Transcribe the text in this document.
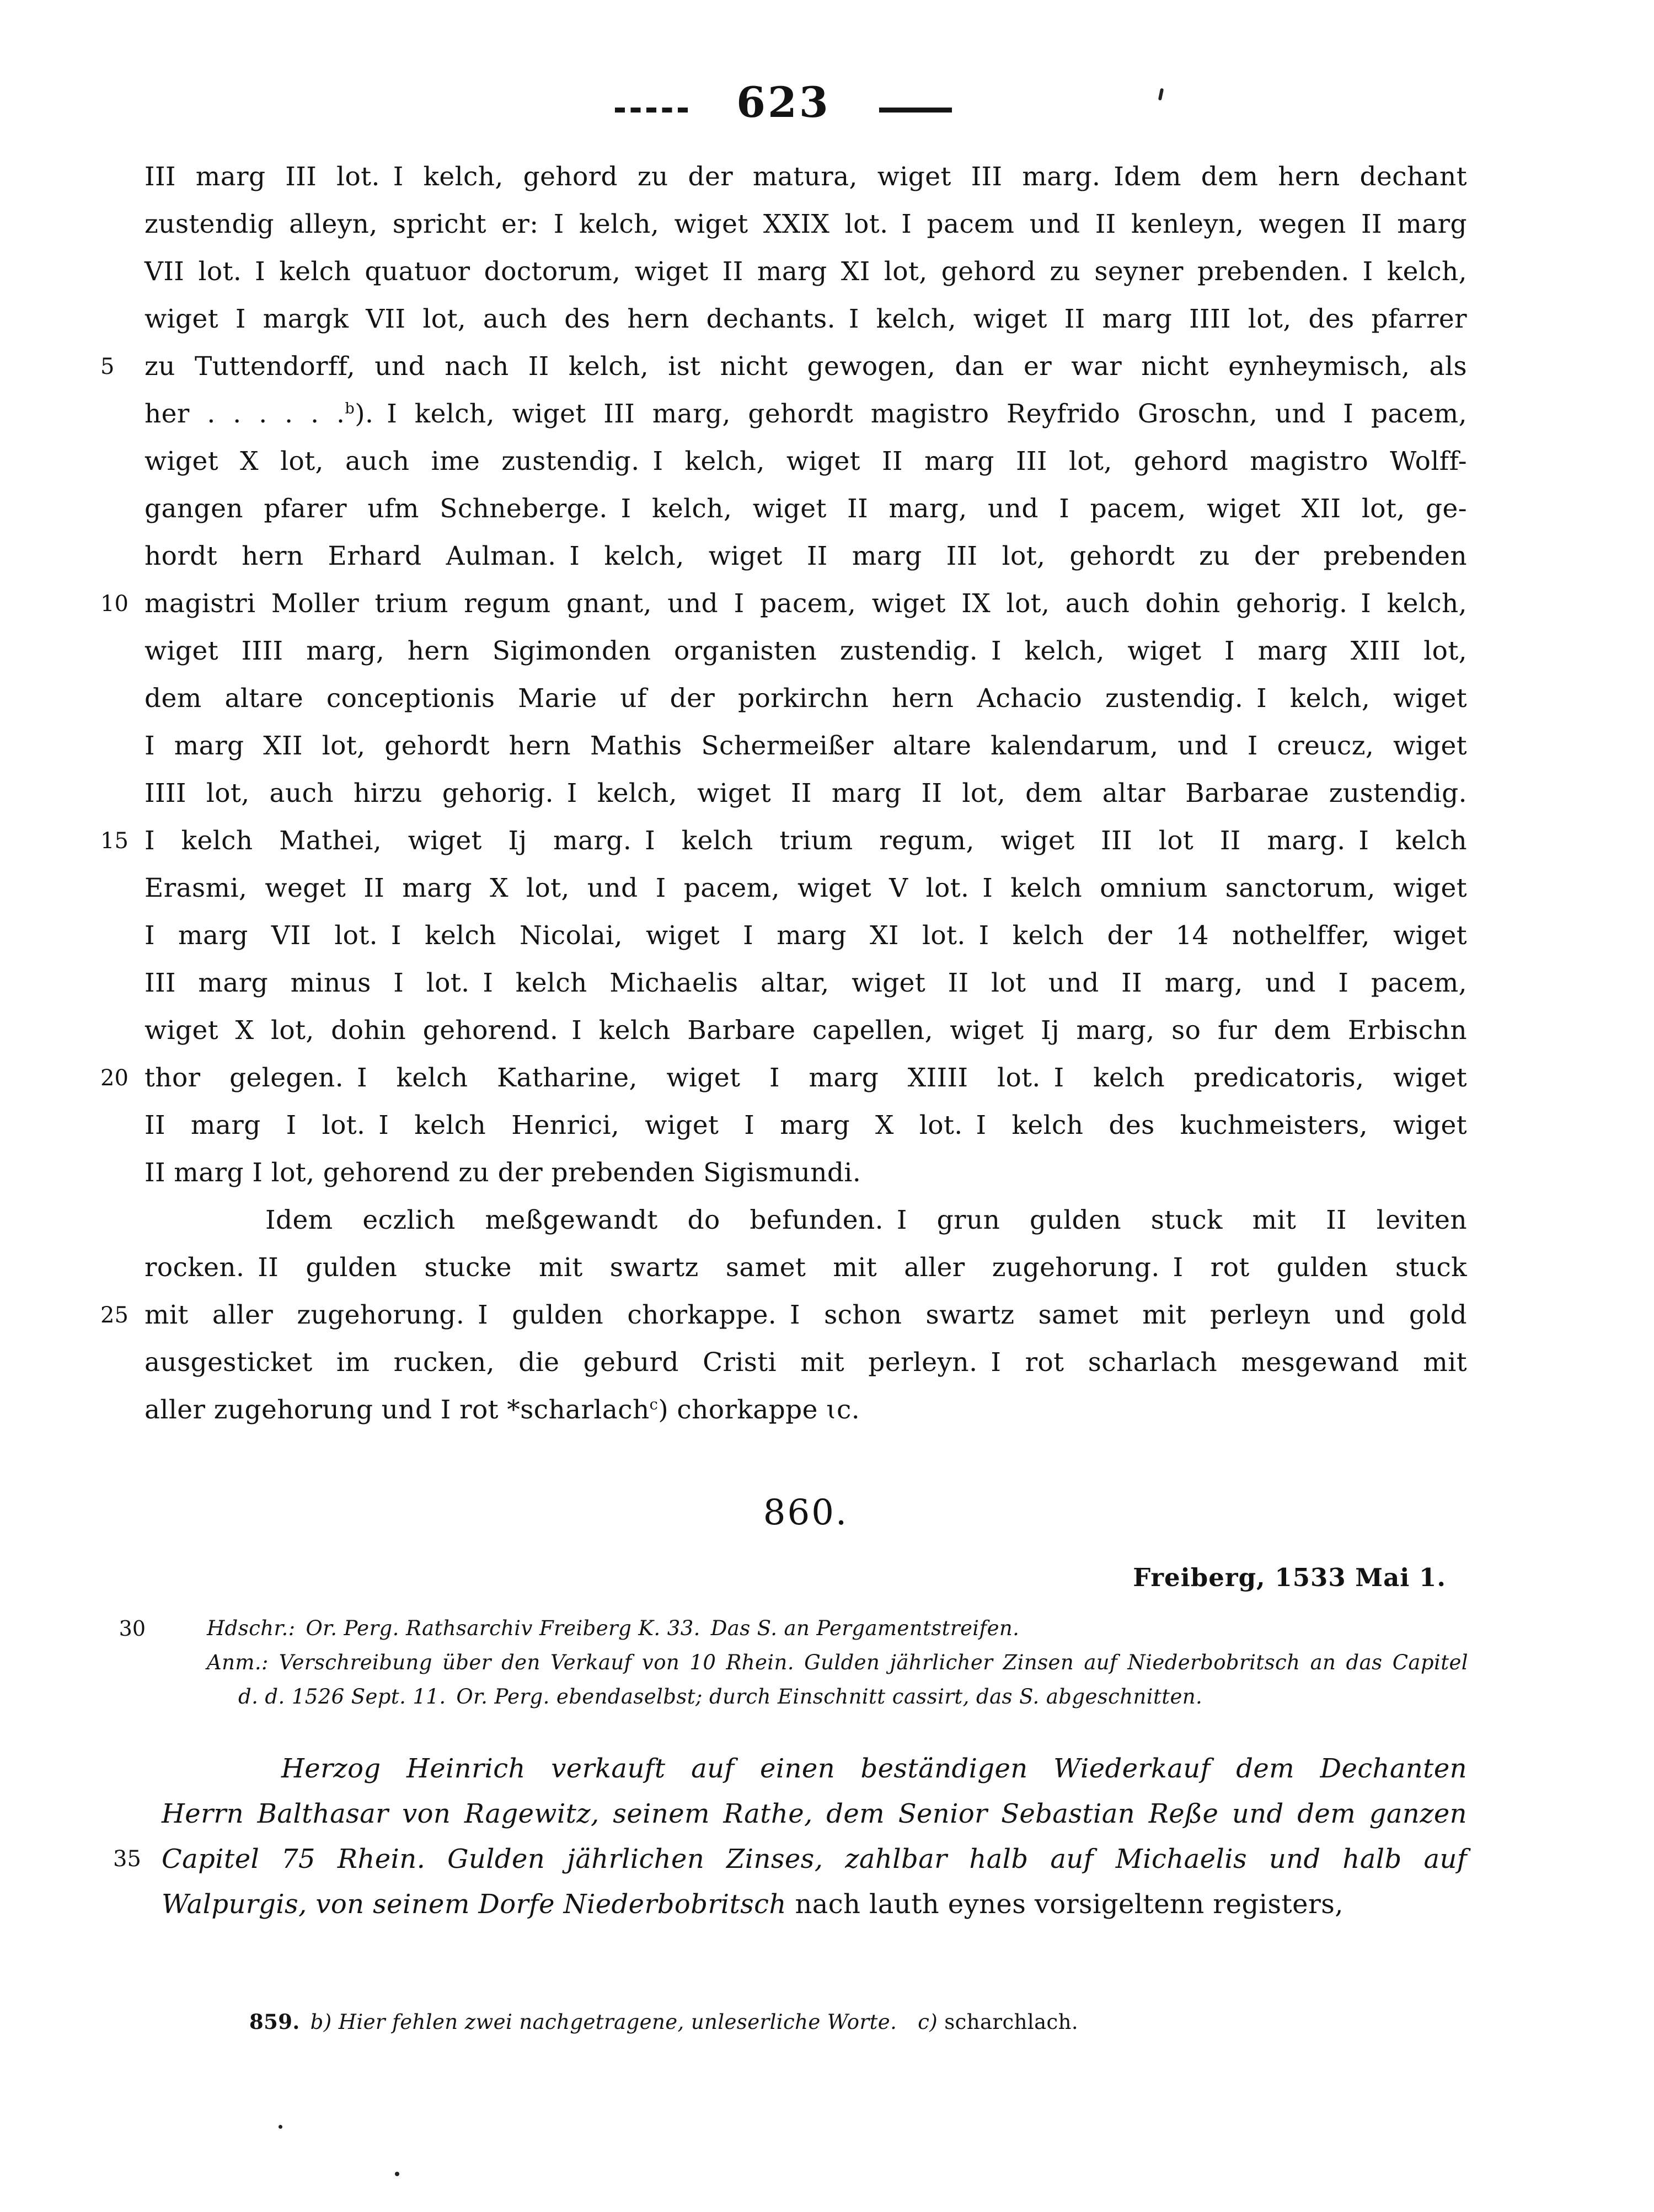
623
III marg III lot. I kelch, gehord zu der matura, wiget III marg. Idem dem hern dechant
zustendig alleyn, spricht er: I kelch, wiget XXIX lot. I pacem und II kenleyn, wegen II marg
VII lot. I kelch quatuor doctorum, wiget II marg XI lot, gehord zu seyner prebenden. I kelch,
wiget I margk VII lot, auch des hern dechants. I kelch, wiget II marg IIII lot, des pfarrer
5	zu Tuttendorff, und nach II kelch, ist nicht gewogen, dan er war nicht eynheymisch, als
her . . . . . .$^b$). I kelch, wiget III marg, gehordt magistro Reyfrido Groschn, und I pacem,
wiget X lot, auch ime zustendig. I kelch, wiget II marg III lot, gehord magistro Wolff-
gangen pfarer ufm Schneberge. I kelch, wiget II marg, und I pacem, wiget XII lot, ge-
hordt hern Erhard Aulman. I kelch, wiget II marg III lot, gehordt zu der prebenden
10 magistri Moller trium regum gnant, und I pacem, wiget IX lot, auch dohin gehorig. I kelch,
wiget IIII marg, hern Sigimonden organisten zustendig. I kelch, wiget I marg XIII lot,
dem altare conceptionis Marie uf der porkirchn hern Achacio zustendig. I kelch, wiget
I marg XII lot, gehordt hern Mathis Schermeißer altare kalendarum, und I creucz, wiget
IIII lot, auch hirzu gehorig. I kelch, wiget II marg II lot, dem altar Barbarae zustendig.
15 I kelch Mathei, wiget Ij marg. I kelch trium regum, wiget III lot II marg. I kelch
Erasmi, weget II marg X lot, und I pacem, wiget V lot. I kelch omnium sanctorum, wiget
I marg VII lot. I kelch Nicolai, wiget I marg XI lot. I kelch der 14 nothelffer, wiget
III marg minus I lot. I kelch Michaelis altar, wiget II lot und II marg, und I pacem,
wiget X lot, dohin gehorend. I kelch Barbare capellen, wiget Ij marg, so fur dem Erbischn
20 thor gelegen. I kelch Katharine, wiget I marg XIIII lot. I kelch predicatoris, wiget
II marg I lot. I kelch Henrici, wiget I marg X lot. I kelch des kuchmeisters, wiget
II marg I lot, gehorend zu der prebenden Sigismundi.
Idem eczlich meßgewandt do befunden. I grun gulden stuck mit II leviten
rocken. II gulden stucke mit swartz samet mit aller zugehorung. I rot gulden stuck
25 mit aller zugehorung. I gulden chorkappe. I schon swartz samet mit perleyn und gold
ausgesticket im rucken, die geburd Cristi mit perleyn. I rot scharlach mesgewand mit
aller zugehorung und I rot *scharlach$^c$) chorkappe ɩc.
860.
Freiberg, 1533 Mai 1.
30	Hdschr.: Or. Perg. Rathsarchiv Freiberg K. 33. Das S. an Pergamentstreifen.
Anm.: Verschreibung über den Verkauf von 10 Rhein. Gulden jährlicher Zinsen auf Niederbobritsch an das Capitel
d. d. 1526 Sept. 11. Or. Perg. ebendaselbst; durch Einschnitt cassirt, das S. abgeschnitten.
Herzog Heinrich verkauft auf einen beständigen Wiederkauf dem Dechanten
Herrn Balthasar von Ragewitz, seinem Rathe, dem Senior Sebastian Reße und dem ganzen
35 Capitel 75 Rhein. Gulden jährlichen Zinses, zahlbar halb auf Michaelis und halb auf
Walpurgis, von seinem Dorfe Niederbobritsch nach lauth eynes vorsigeltenn registers,
859.  b) Hier fehlen zwei nachgetragene, unleserliche Worte.   c) scharchlach.
